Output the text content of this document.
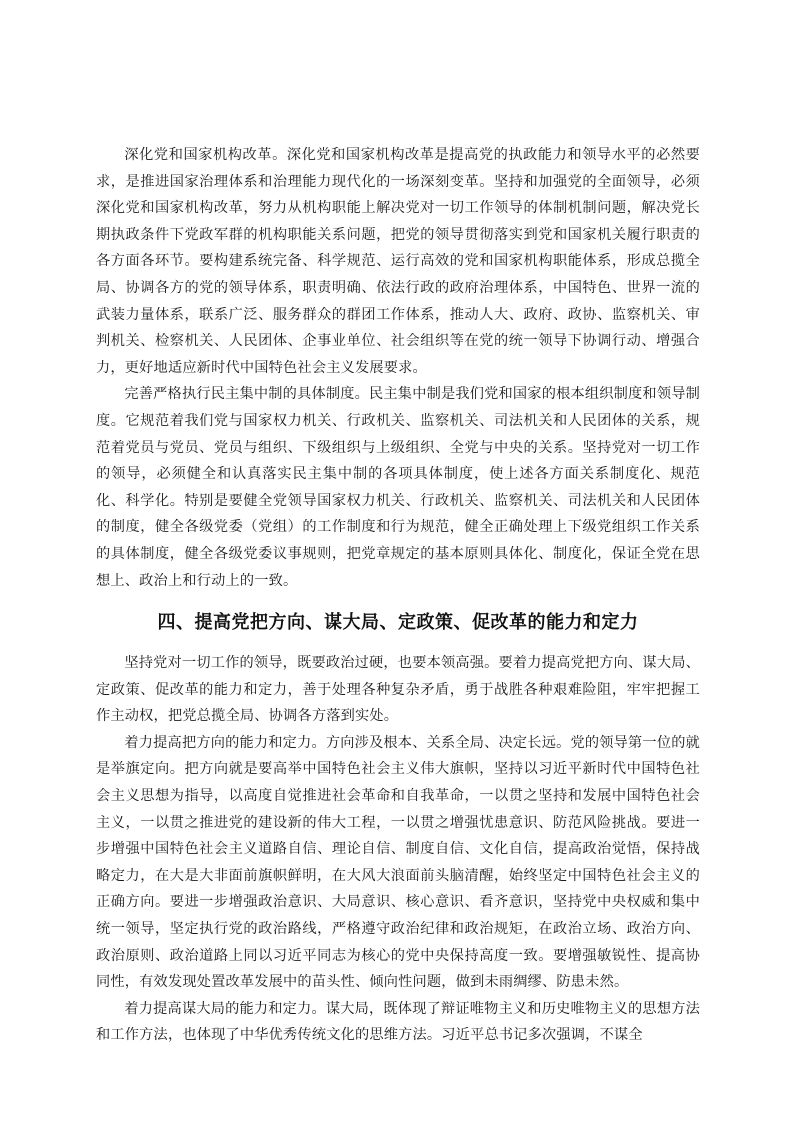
深化党和国家机构改革。深化党和国家机构改革是提高党的执政能力和领导水平的必然要求，是推进国家治理体系和治理能力现代化的一场深刻变革。坚持和加强党的全面领导，必须深化党和国家机构改革，努力从机构职能上解决党对一切工作领导的体制机制问题，解决党长期执政条件下党政军群的机构职能关系问题，把党的领导贯彻落实到党和国家机关履行职责的各方面各环节。要构建系统完备、科学规范、运行高效的党和国家机构职能体系，形成总揽全局、协调各方的党的领导体系，职责明确、依法行政的政府治理体系，中国特色、世界一流的武装力量体系，联系广泛、服务群众的群团工作体系，推动人大、政府、政协、监察机关、审判机关、检察机关、人民团体、企事业单位、社会组织等在党的统一领导下协调行动、增强合力，更好地适应新时代中国特色社会主义发展要求。

完善严格执行民主集中制的具体制度。民主集中制是我们党和国家的根本组织制度和领导制度。它规范着我们党与国家权力机关、行政机关、监察机关、司法机关和人民团体的关系，规范着党员与党员、党员与组织、下级组织与上级组织、全党与中央的关系。坚持党对一切工作的领导，必须健全和认真落实民主集中制的各项具体制度，使上述各方面关系制度化、规范化、科学化。特别是要健全党领导国家权力机关、行政机关、监察机关、司法机关和人民团体的制度，健全各级党委（党组）的工作制度和行为规范，健全正确处理上下级党组织工作关系的具体制度，健全各级党委议事规则，把党章规定的基本原则具体化、制度化，保证全党在思想上、政治上和行动上的一致。

四、提高党把方向、谋大局、定政策、促改革的能力和定力

坚持党对一切工作的领导，既要政治过硬，也要本领高强。要着力提高党把方向、谋大局、定政策、促改革的能力和定力，善于处理各种复杂矛盾，勇于战胜各种艰难险阻，牢牢把握工作主动权，把党总揽全局、协调各方落到实处。

着力提高把方向的能力和定力。方向涉及根本、关系全局、决定长远。党的领导第一位的就是举旗定向。把方向就是要高举中国特色社会主义伟大旗帜，坚持以习近平新时代中国特色社会主义思想为指导，以高度自觉推进社会革命和自我革命，一以贯之坚持和发展中国特色社会主义，一以贯之推进党的建设新的伟大工程，一以贯之增强忧患意识、防范风险挑战。要进一步增强中国特色社会主义道路自信、理论自信、制度自信、文化自信，提高政治觉悟，保持战略定力，在大是大非面前旗帜鲜明，在大风大浪面前头脑清醒，始终坚定中国特色社会主义的正确方向。要进一步增强政治意识、大局意识、核心意识、看齐意识，坚持党中央权威和集中统一领导，坚定执行党的政治路线，严格遵守政治纪律和政治规矩，在政治立场、政治方向、政治原则、政治道路上同以习近平同志为核心的党中央保持高度一致。要增强敏锐性、提高协同性，有效发现处置改革发展中的苗头性、倾向性问题，做到未雨绸缪、防患未然。

着力提高谋大局的能力和定力。谋大局，既体现了辩证唯物主义和历史唯物主义的思想方法和工作方法，也体现了中华优秀传统文化的思维方法。习近平总书记多次强调，不谋全
